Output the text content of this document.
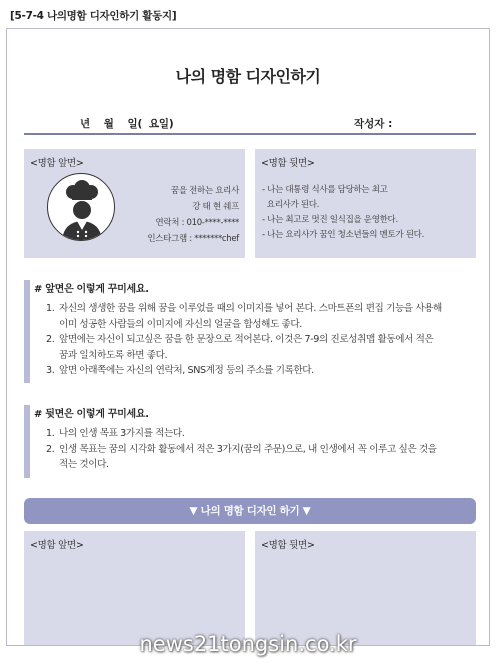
[5-7-4 나의명함 디자인하기 활동지]
나의 명함 디자인하기
년    월    일(  요일)	작성자 :
<명함 앞면>
꿈을 전하는 요리사
강 태 현 쉐프
연락처 : 010-****-****
인스타그램 : *******chef
<명함 뒷면>
- 나는 대통령 식사를 담당하는 최고
요리사가 된다.
- 나는 최고로 멋진 일식집을 운영한다.
- 나는 요리사가 꿈인 청소년들의 멘토가 된다.
# 앞면은 이렇게 꾸미세요.
1. 자신의 생생한 꿈을 위해 꿈을 이루었을 때의 이미지를 넣어 본다. 스마트폰의 편집 기능을 사용해
이미 성공한 사람들의 이미지에 자신의 얼굴을 합성해도 좋다.
2. 앞면에는 자신이 되고싶은 꿈을 한 문장으로 적어본다. 이것은 7-9의 진로성취맵 활동에서 적은
꿈과 일치하도록 하면 좋다.
3. 앞면 아래쪽에는 자신의 연락처, SNS계정 등의 주소를 기록한다.
# 뒷면은 이렇게 꾸미세요.
1. 나의 인생 목표 3가지를 적는다.
2. 인생 목표는 꿈의 시각화 활동에서 적은 3가지(꿈의 주문)으로, 내 인생에서 꼭 이루고 싶은 것을
적는 것이다.
▼ 나의 명함 디자인 하기 ▼
<명함 앞면>	<명함 뒷면>
news21tongsin.co.kr
